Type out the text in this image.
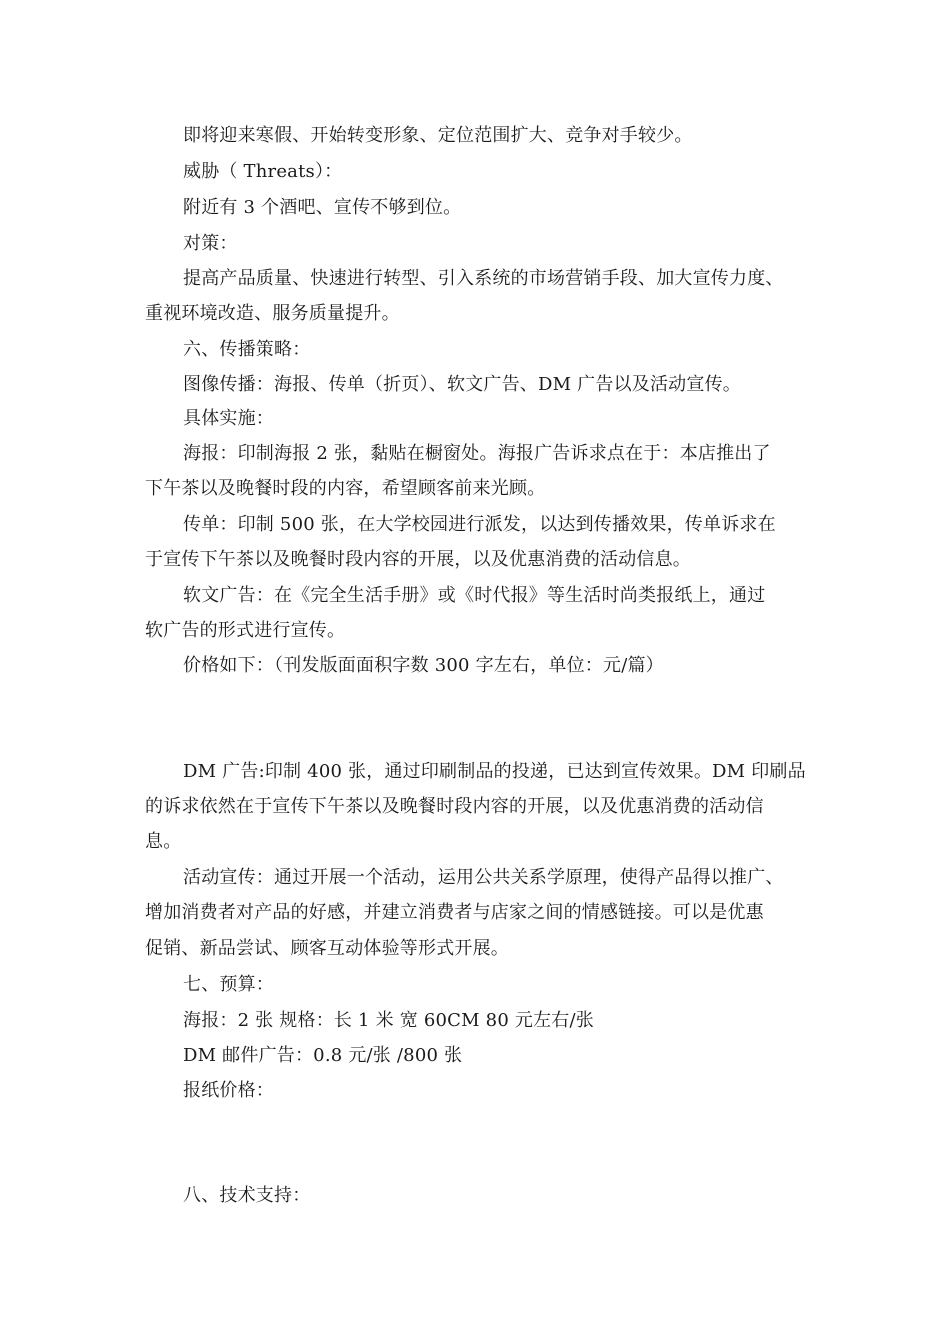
即将迎来寒假、开始转变形象、定位范围扩大、竞争对手较少。
威胁（ Threats）：
附近有 3 个酒吧、宣传不够到位。
对策：
提高产品质量、快速进行转型、引入系统的市场营销手段、加大宣传力度、
重视环境改造、服务质量提升。
六、传播策略：
图像传播：海报、传单（折页）、软文广告、DM 广告以及活动宣传。
具体实施：
海报：印制海报 2 张，黏贴在橱窗处。海报广告诉求点在于：本店推出了
下午茶以及晚餐时段的内容，希望顾客前来光顾。
传单：印制 500 张，在大学校园进行派发，以达到传播效果，传单诉求在
于宣传下午茶以及晚餐时段内容的开展，以及优惠消费的活动信息。
软文广告：在《完全生活手册》或《时代报》等生活时尚类报纸上，通过
软广告的形式进行宣传。
价格如下：（刊发版面面积字数 300 字左右，单位：元/篇）
DM 广告:印制 400 张，通过印刷制品的投递，已达到宣传效果。DM 印刷品
的诉求依然在于宣传下午茶以及晚餐时段内容的开展，以及优惠消费的活动信
息。
活动宣传：通过开展一个活动，运用公共关系学原理，使得产品得以推广、
增加消费者对产品的好感，并建立消费者与店家之间的情感链接。可以是优惠
促销、新品尝试、顾客互动体验等形式开展。
七、预算：
海报：2 张 规格：长 1 米 宽 60CM 80 元左右/张
DM 邮件广告：0.8 元/张 /800 张
报纸价格：
八、技术支持：
